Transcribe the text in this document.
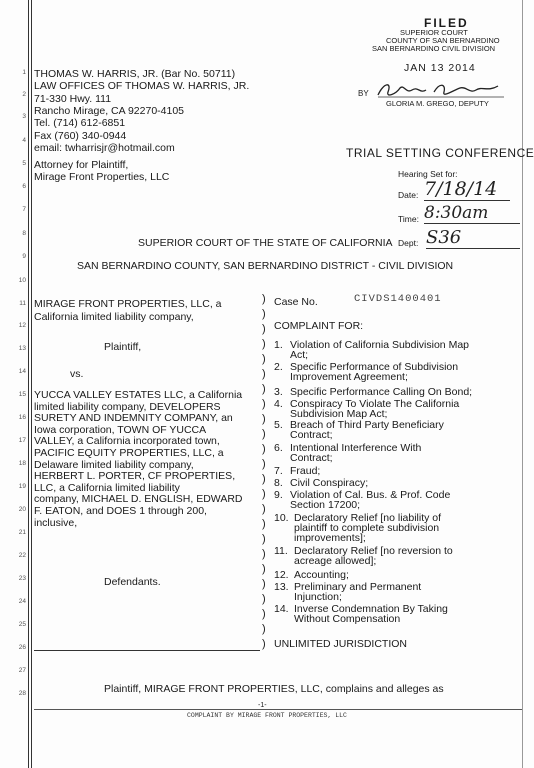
1
2
3
4
5
6
7
8
9
10
11
12
13
14
15
16
17
18
19
20
21
22
23
24
25
26
27
28
FILED
SUPERIOR COURT
COUNTY OF SAN BERNARDINO
SAN BERNARDINO CIVIL DIVISION
JAN 13 2014
BY
GLORIA M. GREGO, DEPUTY
THOMAS W. HARRIS, JR. (Bar No. 50711)
LAW OFFICES OF THOMAS W. HARRIS, JR.
71-330 Hwy. 111
Rancho Mirage, CA 92270-4105
Tel. (714) 612-6851
Fax (760) 340-0944
email: twharrisjr@hotmail.com
Attorney for Plaintiff,
Mirage Front Properties, LLC
TRIAL SETTING CONFERENCE
Hearing Set for:
Date: 7/18/14
Time: 8:30am
Dept: S36
SUPERIOR COURT OF THE STATE OF CALIFORNIA
SAN BERNARDINO COUNTY, SAN BERNARDINO DISTRICT - CIVIL DIVISION
MIRAGE FRONT PROPERTIES, LLC, a
California limited liability company,
Plaintiff,
vs.
YUCCA VALLEY ESTATES LLC, a California
limited liability company, DEVELOPERS
SURETY AND INDEMNITY COMPANY, an
Iowa corporation, TOWN OF YUCCA
VALLEY, a California incorporated town,
PACIFIC EQUITY PROPERTIES, LLC, a
Delaware limited liability company,
HERBERT L. PORTER, CF PROPERTIES,
LLC, a California limited liability
company, MICHAEL D. ENGLISH, EDWARD
F. EATON, and DOES 1 through 200,
inclusive,
Defendants.
)
)
)
)
)
)
)
)
)
)
)
)
)
)
)
)
)
)
)
)
)
)
)
)
Case No.	CIVDS1400401
COMPLAINT FOR:
1. Violation of California Subdivision Map
Act;
2. Specific Performance of Subdivision
Improvement Agreement;
3. Specific Performance Calling On Bond;
4. Conspiracy To Violate The California
Subdivision Map Act;
5. Breach of Third Party Beneficiary
Contract;
6. Intentional Interference With
Contract;
7. Fraud;
8. Civil Conspiracy;
9. Violation of Cal. Bus. & Prof. Code
Section 17200;
10. Declaratory Relief [no liability of
plaintiff to complete subdivision
improvements];
11. Declaratory Relief [no reversion to
acreage allowed];
12. Accounting;
13. Preliminary and Permanent
Injunction;
14. Inverse Condemnation By Taking
Without Compensation
UNLIMITED JURISDICTION
Plaintiff, MIRAGE FRONT PROPERTIES, LLC, complains and alleges as
-1-
COMPLAINT BY MIRAGE FRONT PROPERTIES, LLC
